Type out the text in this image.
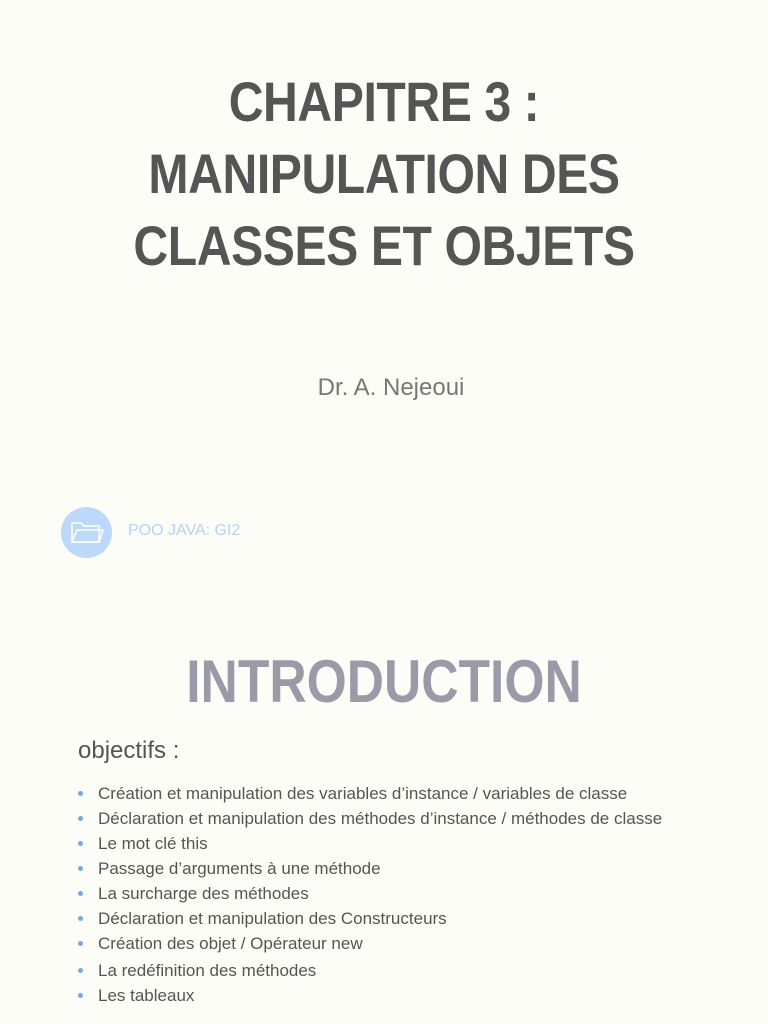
CHAPITRE 3 :
MANIPULATION DES
CLASSES ET OBJETS
Dr. A. Nejeoui
POO JAVA: GI2
INTRODUCTION
objectifs :
Création et manipulation des variables d’instance / variables de classe
Déclaration et manipulation des méthodes d’instance / méthodes de classe
Le mot clé this
Passage d’arguments à une méthode
La surcharge des méthodes
Déclaration et manipulation des Constructeurs
Création des objet / Opérateur new
La redéfinition des méthodes
Les tableaux
